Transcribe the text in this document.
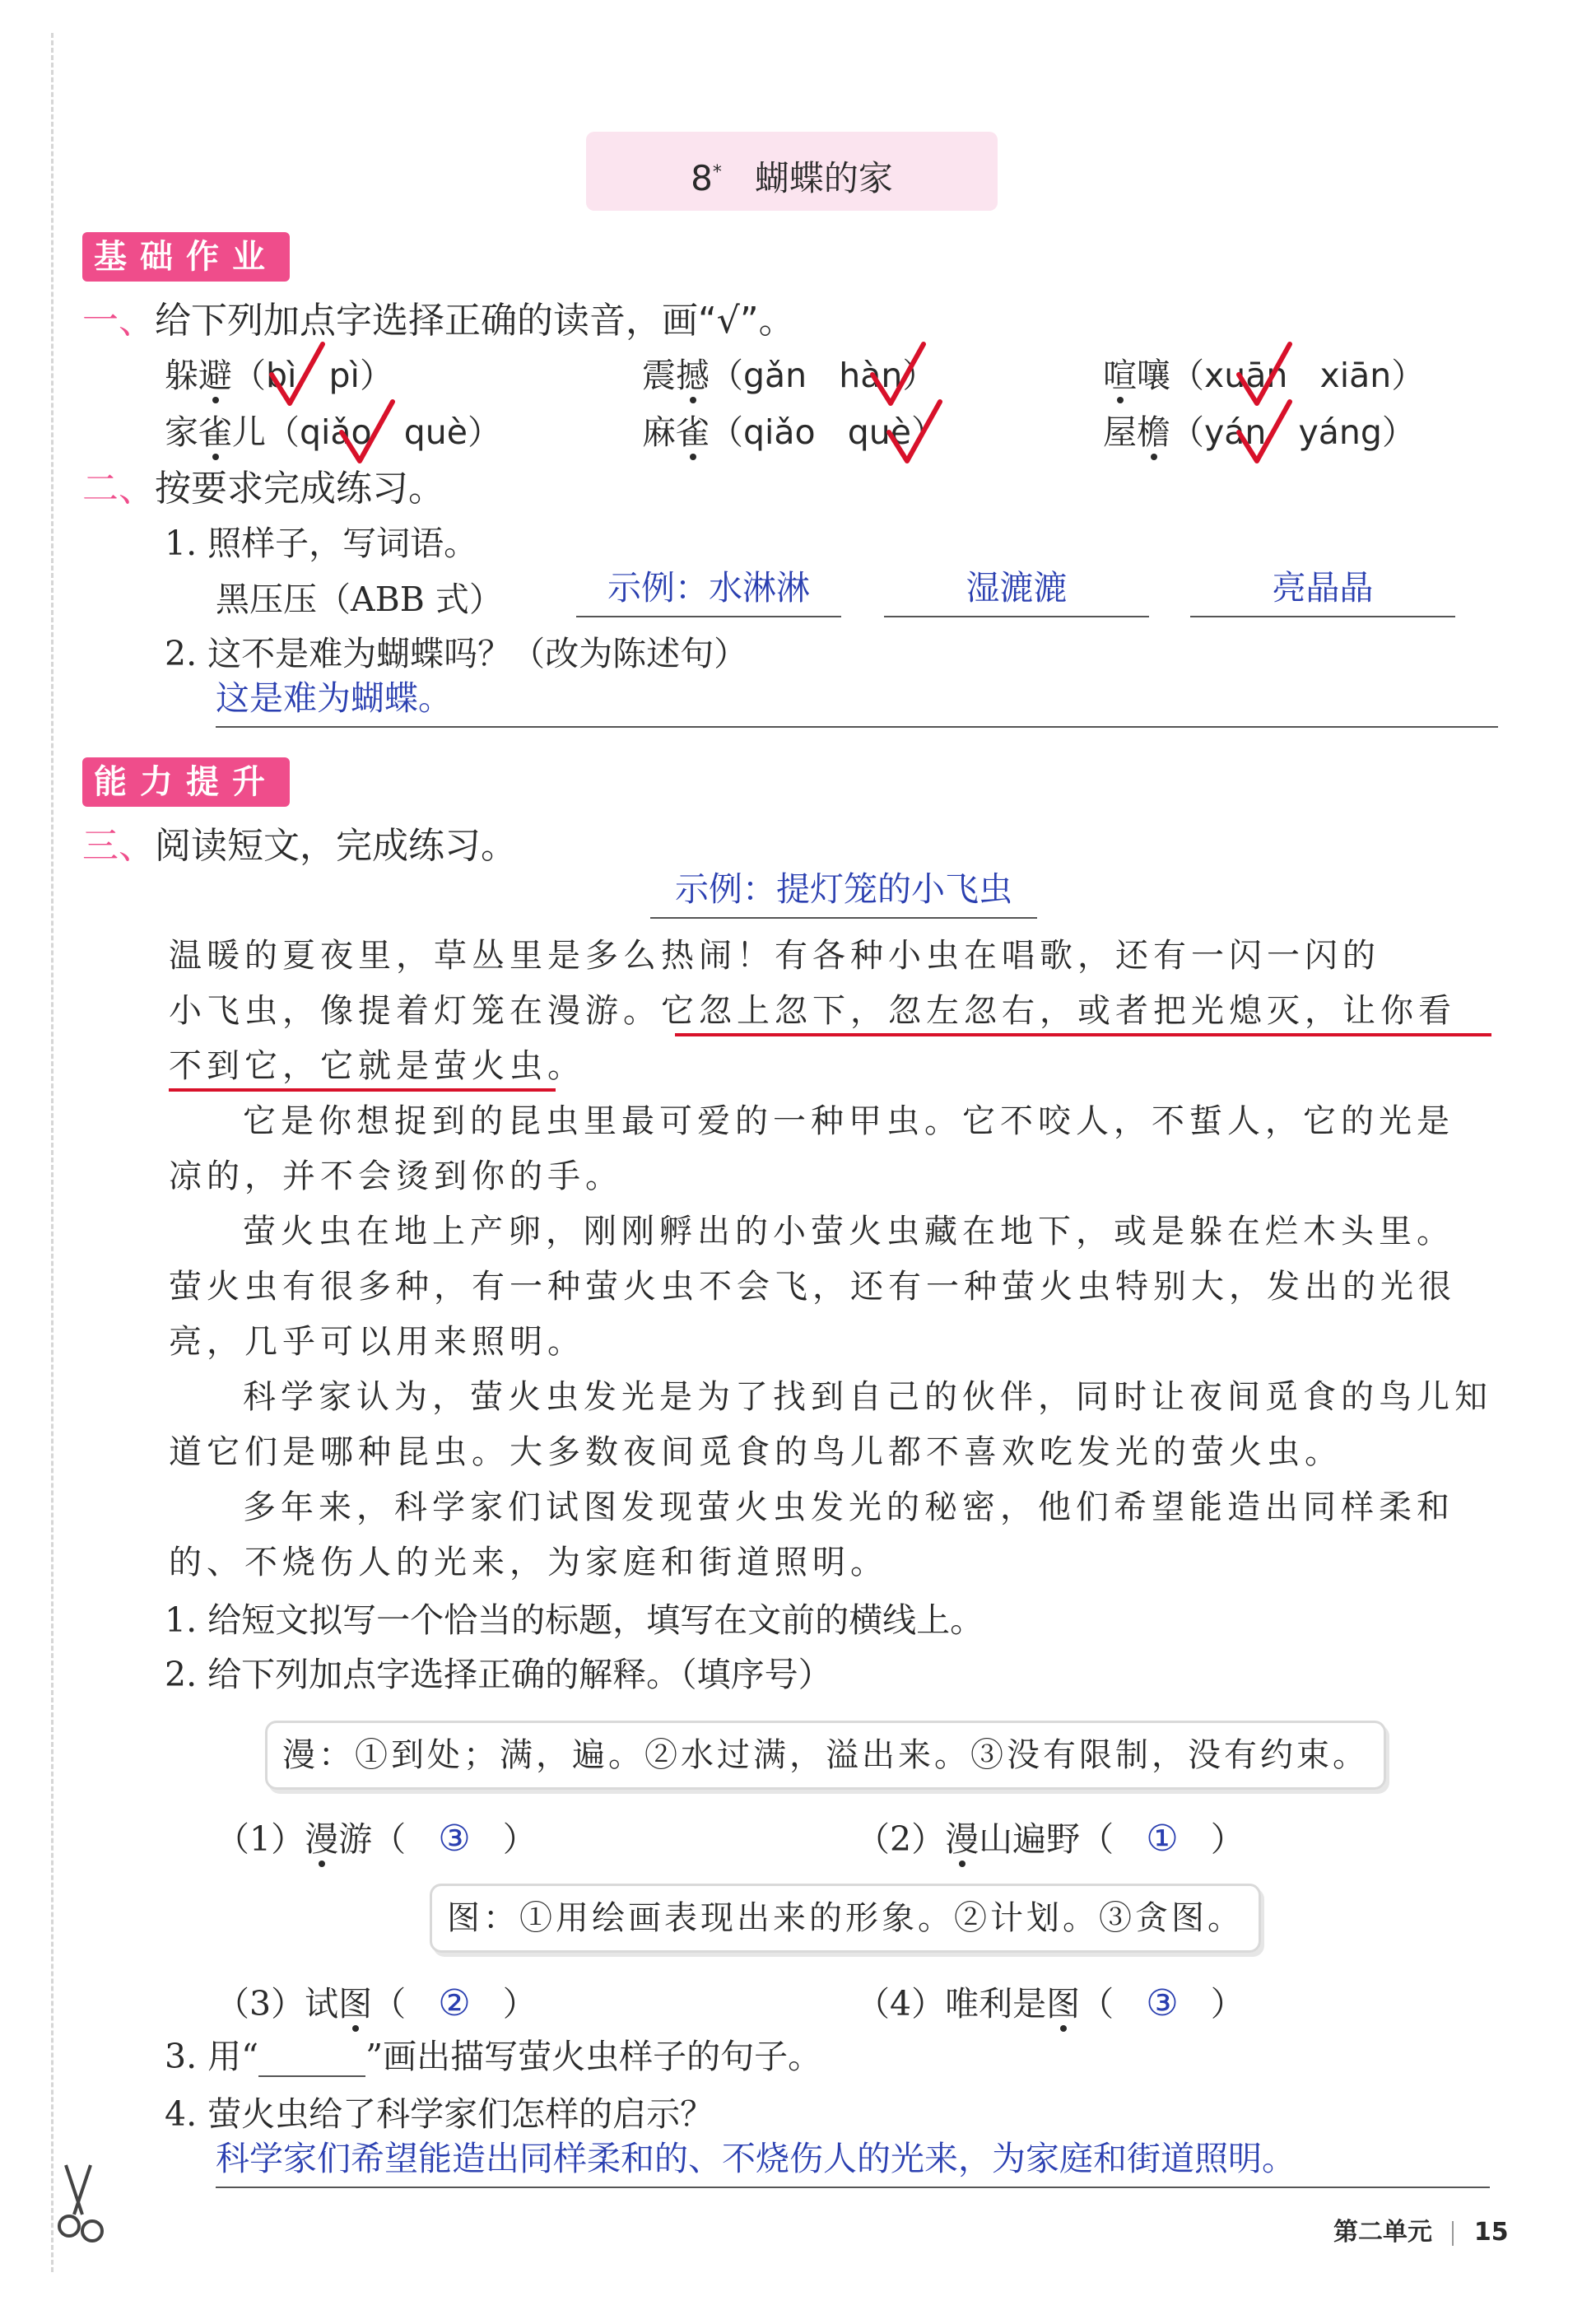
8* 蝴蝶的家
基础作业
一、给下列加点字选择正确的读音，画“√”。
躲避（bì pì）	震撼（gǎn hàn）	喧嚷（xuān xiān）
家雀儿（qiǎo què）	麻雀（qiǎo què）	屋檐（yán yáng）
二、按要求完成练习。
1. 照样子，写词语。
黑压压（ABB 式）	示例：水淋淋	湿漉漉	亮晶晶
2. 这不是难为蝴蝶吗？（改为陈述句）
这是难为蝴蝶。
能力提升
三、阅读短文，完成练习。
示例：提灯笼的小飞虫
温暖的夏夜里，草丛里是多么热闹！有各种小虫在唱歌，还有一闪一闪的
小飞虫，像提着灯笼在漫游。它忽上忽下，忽左忽右，或者把光熄灭，让你看
不到它，它就是萤火虫。
它是你想捉到的昆虫里最可爱的一种甲虫。它不咬人，不蜇人，它的光是
凉的，并不会烫到你的手。
萤火虫在地上产卵，刚刚孵出的小萤火虫藏在地下，或是躲在烂木头里。
萤火虫有很多种，有一种萤火虫不会飞，还有一种萤火虫特别大，发出的光很
亮，几乎可以用来照明。
科学家认为，萤火虫发光是为了找到自己的伙伴，同时让夜间觅食的鸟儿知
道它们是哪种昆虫。大多数夜间觅食的鸟儿都不喜欢吃发光的萤火虫。
多年来，科学家们试图发现萤火虫发光的秘密，他们希望能造出同样柔和
的、不烧伤人的光来，为家庭和街道照明。
1. 给短文拟写一个恰当的标题，填写在文前的横线上。
2. 给下列加点字选择正确的解释。（填序号）
漫：①到处；满，遍。②水过满，溢出来。③没有限制，没有约束。
（1）漫游（   ③   ）	（2）漫山遍野（   ①   ）
图：①用绘画表现出来的形象。②计划。③贪图。
（3）试图（   ②   ）	（4）唯利是图（   ③   ）
3. 用“	”画出描写萤火虫样子的句子。
4. 萤火虫给了科学家们怎样的启示？
科学家们希望能造出同样柔和的、不烧伤人的光来，为家庭和街道照明。
第二单元 15
